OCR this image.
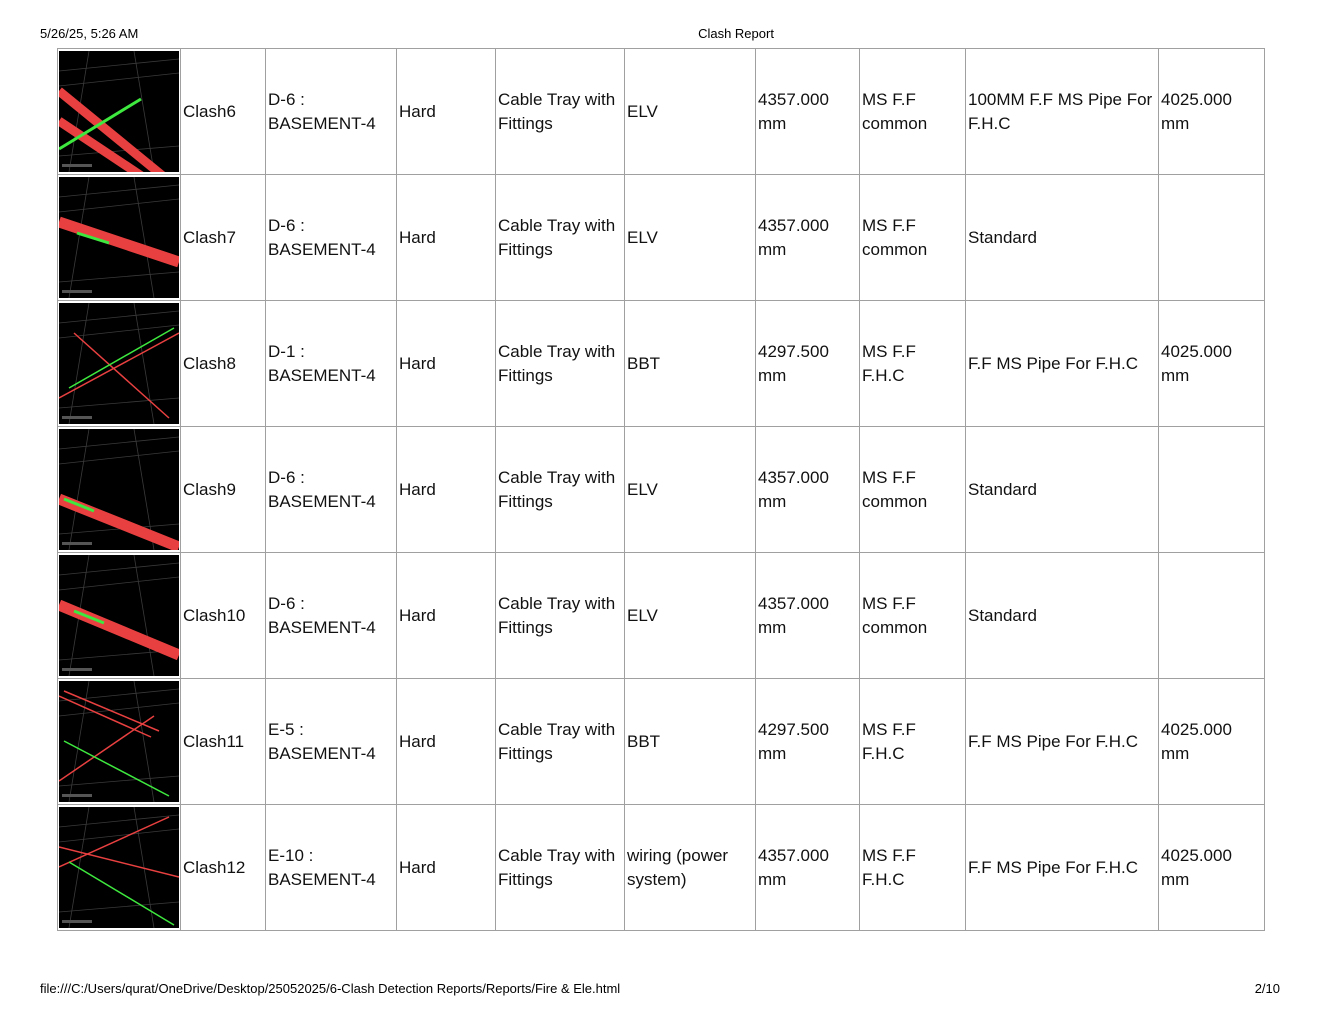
5/26/25, 5:26 AM	Clash Report
	Clash6	D-6 : BASEMENT-4	Hard	Cable Tray with Fittings	ELV	4357.000 mm	MS F.F common	100MM F.F MS Pipe For F.H.C	4025.000 mm

	Clash7	D-6 : BASEMENT-4	Hard	Cable Tray with Fittings	ELV	4357.000 mm	MS F.F common	Standard	

	Clash8	D-1 : BASEMENT-4	Hard	Cable Tray with Fittings	BBT	4297.500 mm	MS F.F F.H.C	F.F MS Pipe For F.H.C	4025.000 mm

	Clash9	D-6 : BASEMENT-4	Hard	Cable Tray with Fittings	ELV	4357.000 mm	MS F.F common	Standard	

	Clash10	D-6 : BASEMENT-4	Hard	Cable Tray with Fittings	ELV	4357.000 mm	MS F.F common	Standard	

	Clash11	E-5 : BASEMENT-4	Hard	Cable Tray with Fittings	BBT	4297.500 mm	MS F.F F.H.C	F.F MS Pipe For F.H.C	4025.000 mm

	Clash12	E-10 : BASEMENT-4	Hard	Cable Tray with Fittings	wiring (power system)	4357.000 mm	MS F.F F.H.C	F.F MS Pipe For F.H.C	4025.000 mm
file:///C:/Users/qurat/OneDrive/Desktop/25052025/6-Clash Detection Reports/Reports/Fire & Ele.html	2/10
